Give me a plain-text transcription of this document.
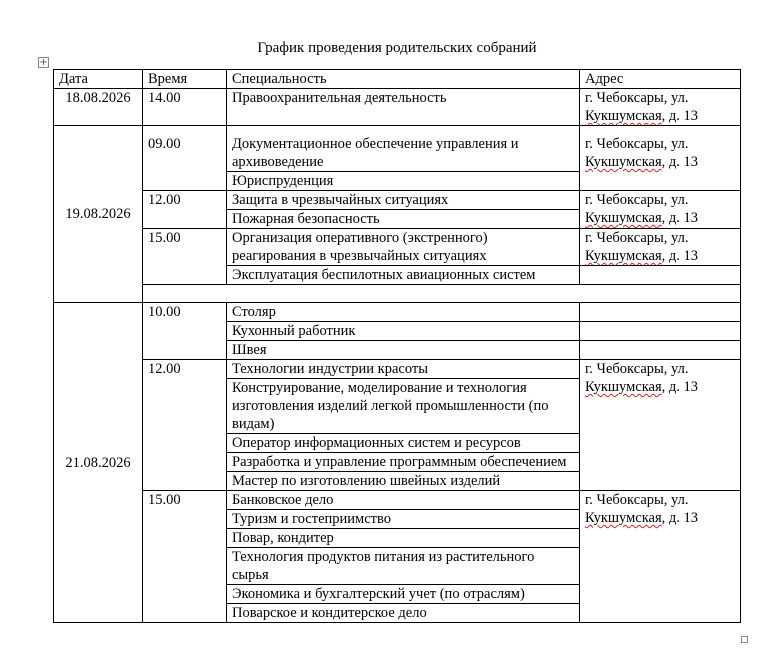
График проведения родительских собраний
+
Дата	Время	Специальность	Адрес
18.08.2026	14.00	Правоохранительная деятельность	г. Чебоксары, ул.
Кукшумская, д. 13
19.08.2026	09.00	Документационное обеспечение управления и архивоведение	г. Чебоксары, ул.
Кукшумская, д. 13
		Юриспруденция	
	12.00	Защита в чрезвычайных ситуациях	г. Чебоксары, ул.
Кукшумская, д. 13
		Пожарная безопасность	
	15.00	Организация оперативного (экстренного) реагирования в чрезвычайных ситуациях	г. Чебоксары, ул.
Кукшумская, д. 13
		Эксплуатация беспилотных авиационных систем	

21.08.2026	10.00	Столяр	
		Кухонный работник	
		Швея	
	12.00	Технологии индустрии красоты	г. Чебоксары, ул.
Кукшумская, д. 13
		Конструирование, моделирование и технология изготовления изделий легкой промышленности (по видам)	
		Оператор информационных систем и ресурсов	
		Разработка и управление программным обеспечением	
		Мастер по изготовлению швейных изделий	
	15.00	Банковское дело	г. Чебоксары, ул.
Кукшумская, д. 13
		Туризм и гостеприимство	
		Повар, кондитер	
		Технология продуктов питания из растительного сырья	
		Экономика и бухгалтерский учет (по отраслям)	
		Поварское и кондитерское дело	
